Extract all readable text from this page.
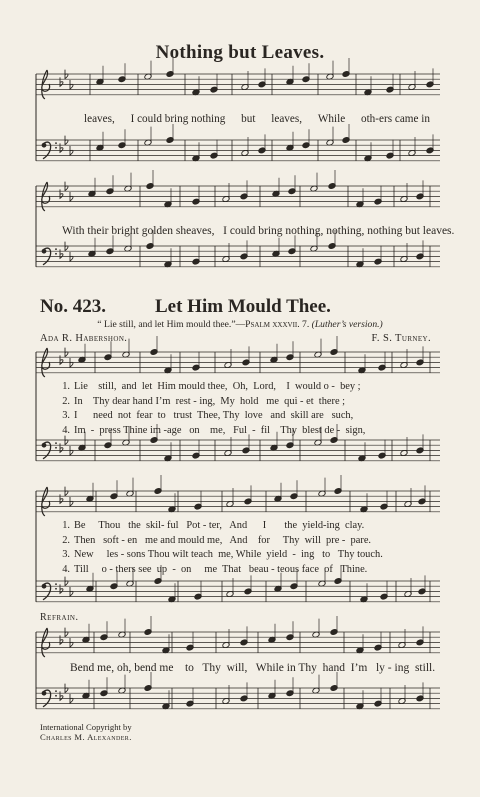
Nothing but Leaves.
leaves, I could bring nothing but leaves, While oth-ers came in
With their bright golden sheaves,   I could bring nothing, nothing, nothing but leaves.
No. 423.	Let Him Mould Thee.
“ Lie still, and let Him mould thee.”—Psalm xxxvii. 7. (Luther’s version.)
Ada R. Habershon.	F. S. Turney.
1. Lie    still,  and  let  Him mould thee,  Oh,  Lord,    I  would o -  bey ;
2. In    Thy dear hand I’m  rest - ing,  My  hold   me  qui - et  there ;
3. I      need  not  fear  to   trust  Thee, Thy  love   and  skill are   such,
4. Im  -  press Thine im -age   on    me,   Ful  -  fil    Thy  blest de -  sign,
1. Be     Thou   the  skil- ful   Pot - ter,   And      I       the  yield-ing  clay.
2. Then   soft - en   me and mould me,   And    for     Thy  will  pre -  pare.
3. New     les - sons Thou wilt teach  me, While  yield  -  ing   to   Thy touch.
4. Till     o - thers see  up  -  on     me  That   beau - teous face  of   Thine.
Refrain.
Bend me, oh, bend me    to   Thy  will,   While in Thy  hand  I’m   ly - ing  still.
International Copyright by
Charles M. Alexander.
